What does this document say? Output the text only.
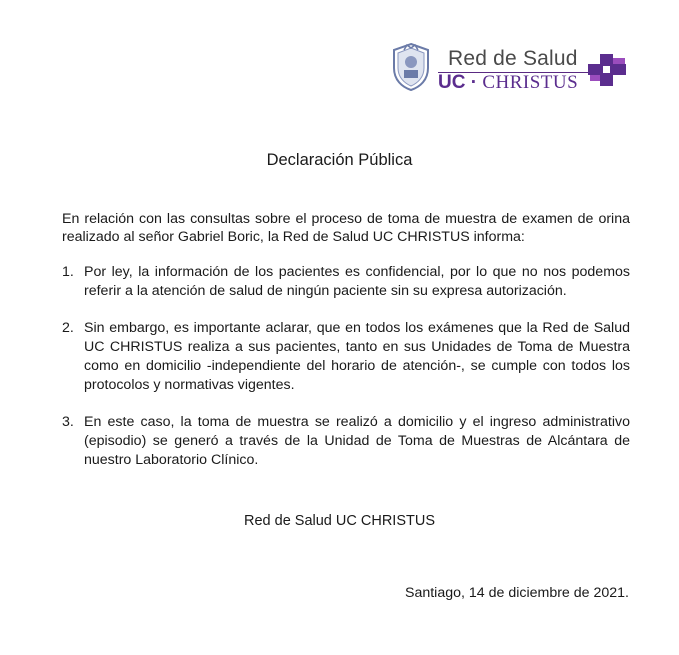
Red de Salud
UC · CHRISTUS
Declaración Pública
En relación con las consultas sobre el proceso de toma de muestra de examen de orina realizado al señor Gabriel Boric, la Red de Salud UC CHRISTUS informa:
1. Por ley, la información de los pacientes es confidencial, por lo que no nos podemos referir a la atención de salud de ningún paciente sin su expresa autorización.
2. Sin embargo, es importante aclarar, que en todos los exámenes que la Red de Salud UC CHRISTUS realiza a sus pacientes, tanto en sus Unidades de Toma de Muestra como en domicilio -independiente del horario de atención-, se cumple con todos los protocolos y normativas vigentes.
3. En este caso, la toma de muestra se realizó a domicilio y el ingreso administrativo (episodio) se generó a través de la Unidad de Toma de Muestras de Alcántara de nuestro Laboratorio Clínico.
Red de Salud UC CHRISTUS
Santiago, 14 de diciembre de 2021.
